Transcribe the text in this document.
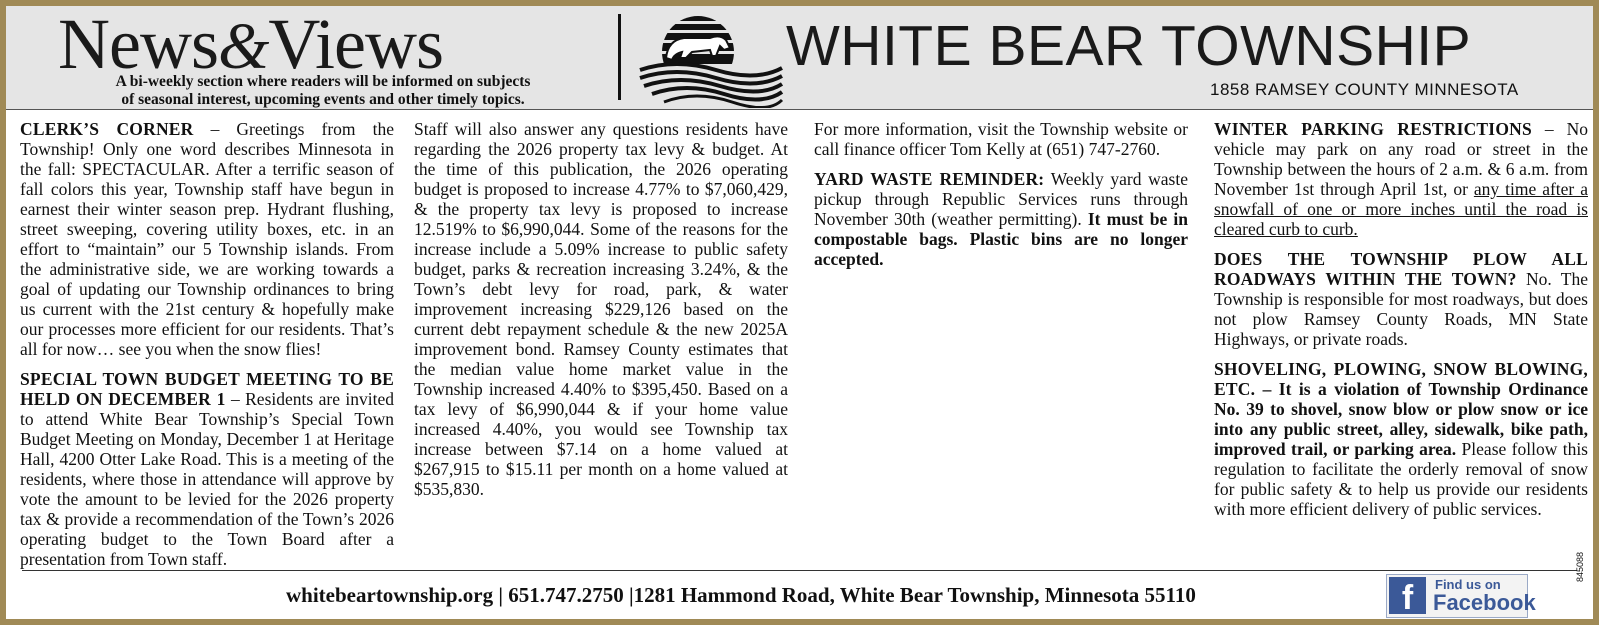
News&Views
A bi-weekly section where readers will be informed on subjects
of seasonal interest, upcoming events and other timely topics.
WHITE BEAR TOWNSHIP
1858 RAMSEY COUNTY MINNESOTA

CLERK’S CORNER – Greetings from the Township! Only one word describes Minnesota in the fall: SPECTACULAR. After a terrific season of fall colors this year, Township staff have begun in earnest their winter season prep. Hydrant flushing, street sweeping, covering utility boxes, etc. in an effort to “maintain” our 5 Township islands. From the administrative side, we are working towards a goal of updating our Township ordinances to bring us current with the 21st century & hopefully make our processes more efficient for our residents. That’s all for now… see you when the snow flies!

SPECIAL TOWN BUDGET MEETING TO BE HELD ON DECEMBER 1 – Residents are invited to attend White Bear Township’s Special Town Budget Meeting on Monday, December 1 at Heritage Hall, 4200 Otter Lake Road. This is a meeting of the residents, where those in attendance will approve by vote the amount to be levied for the 2026 property tax & provide a recommendation of the Town’s 2026 operating budget to the Town Board after a presentation from Town staff.

Staff will also answer any questions residents have regarding the 2026 property tax levy & budget. At the time of this publication, the 2026 operating budget is proposed to increase 4.77% to $7,060,429, & the property tax levy is proposed to increase 12.519% to $6,990,044. Some of the reasons for the increase include a 5.09% increase to public safety budget, parks & recreation increasing 3.24%, & the Town’s debt levy for road, park, & water improvement increasing $229,126 based on the current debt repayment schedule & the new 2025A improvement bond. Ramsey County estimates that the median value home market value in the Township increased 4.40% to $395,450. Based on a tax levy of $6,990,044 & if your home value increased 4.40%, you would see Township tax increase between $7.14 on a home valued at $267,915 to $15.11 per month on a home valued at $535,830.

For more information, visit the Township website or call finance officer Tom Kelly at (651) 747-2760.

YARD WASTE REMINDER: Weekly yard waste pickup through Republic Services runs through November 30th (weather permitting). It must be in compostable bags. Plastic bins are no longer accepted.

WINTER PARKING RESTRICTIONS – No vehicle may park on any road or street in the Township between the hours of 2 a.m. & 6 a.m. from November 1st through April 1st, or any time after a snowfall of one or more inches until the road is cleared curb to curb.

DOES THE TOWNSHIP PLOW ALL ROADWAYS WITHIN THE TOWN? No. The Township is responsible for most roadways, but does not plow Ramsey County Roads, MN State Highways, or private roads.

SHOVELING, PLOWING, SNOW BLOWING, ETC. – It is a violation of Township Ordinance No. 39 to shovel, snow blow or plow snow or ice into any public street, alley, sidewalk, bike path, improved trail, or parking area. Please follow this regulation to facilitate the orderly removal of snow for public safety & to help us provide our residents with more efficient delivery of public services.

whitebeartownship.org | 651.747.2750 |1281 Hammond Road, White Bear Township, Minnesota 55110	f	Find us on
Facebook
845088
